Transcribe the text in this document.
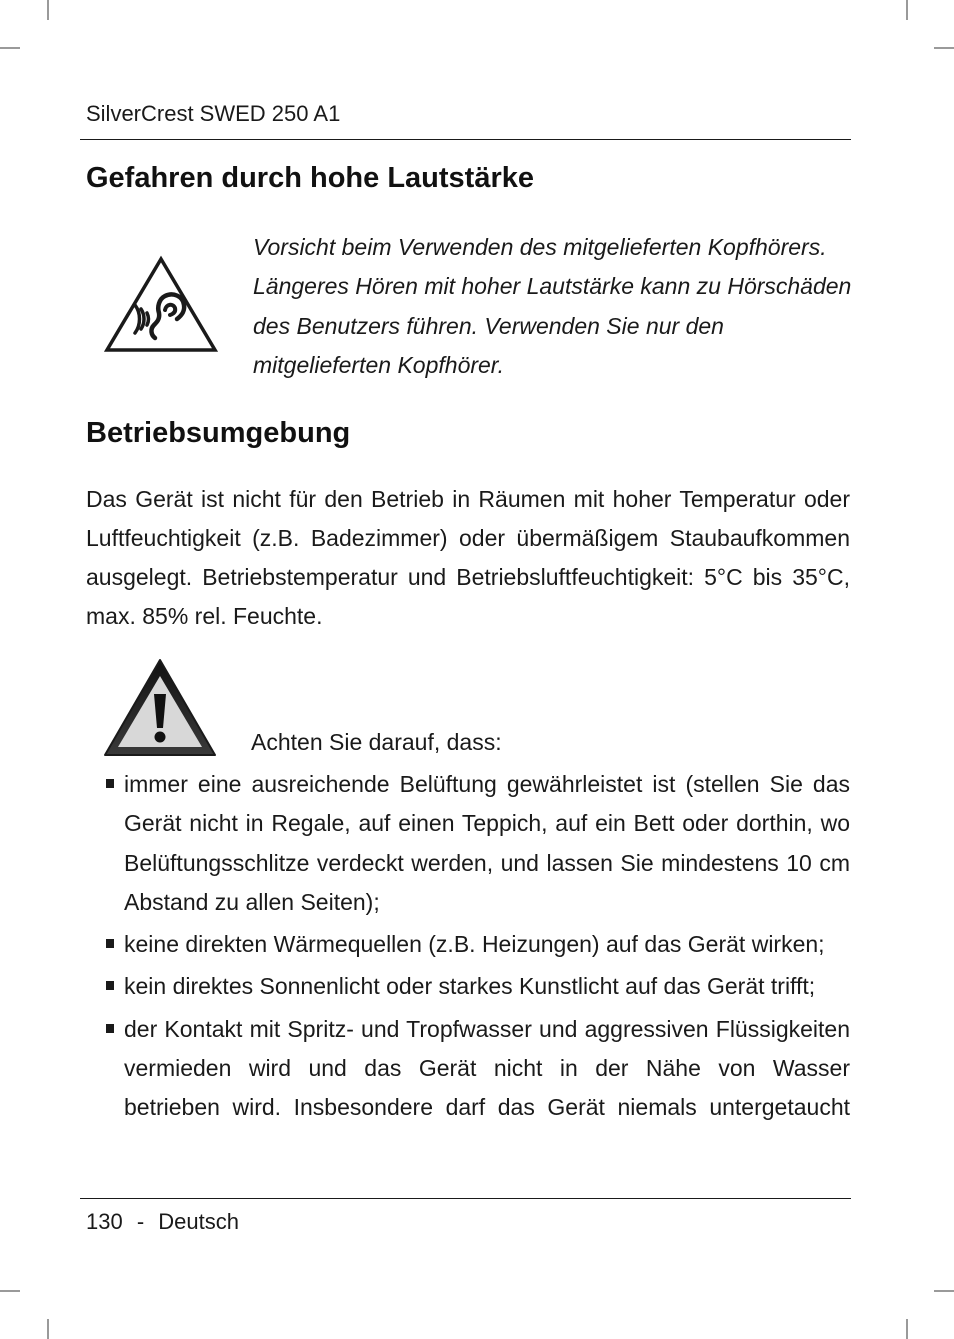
SilverCrest SWED 250 A1
Gefahren durch hohe Lautstärke
Vorsicht beim Verwenden des mitgelieferten Kopfhörers.
Längeres Hören mit hoher Lautstärke kann zu Hörschäden
des Benutzers führen. Verwenden Sie nur den
mitgelieferten Kopfhörer.
Betriebsumgebung
Das Gerät ist nicht für den Betrieb in Räumen mit hoher Temperatur oder
Luftfeuchtigkeit (z.B. Badezimmer) oder übermäßigem Staubaufkommen
ausgelegt. Betriebstemperatur und Betriebsluftfeuchtigkeit: 5°C bis 35°C,
max. 85% rel. Feuchte.
Achten Sie darauf, dass:
immer eine ausreichende Belüftung gewährleistet ist (stellen Sie das
Gerät nicht in Regale, auf einen Teppich, auf ein Bett oder dorthin, wo
Belüftungsschlitze verdeckt werden, und lassen Sie mindestens 10 cm
Abstand zu allen Seiten);
keine direkten Wärmequellen (z.B. Heizungen) auf das Gerät wirken;
kein direktes Sonnenlicht oder starkes Kunstlicht auf das Gerät trifft;
der Kontakt mit Spritz- und Tropfwasser und aggressiven Flüssigkeiten
vermieden wird und das Gerät nicht in der Nähe von Wasser
betrieben wird. Insbesondere darf das Gerät niemals untergetaucht
130 - Deutsch
